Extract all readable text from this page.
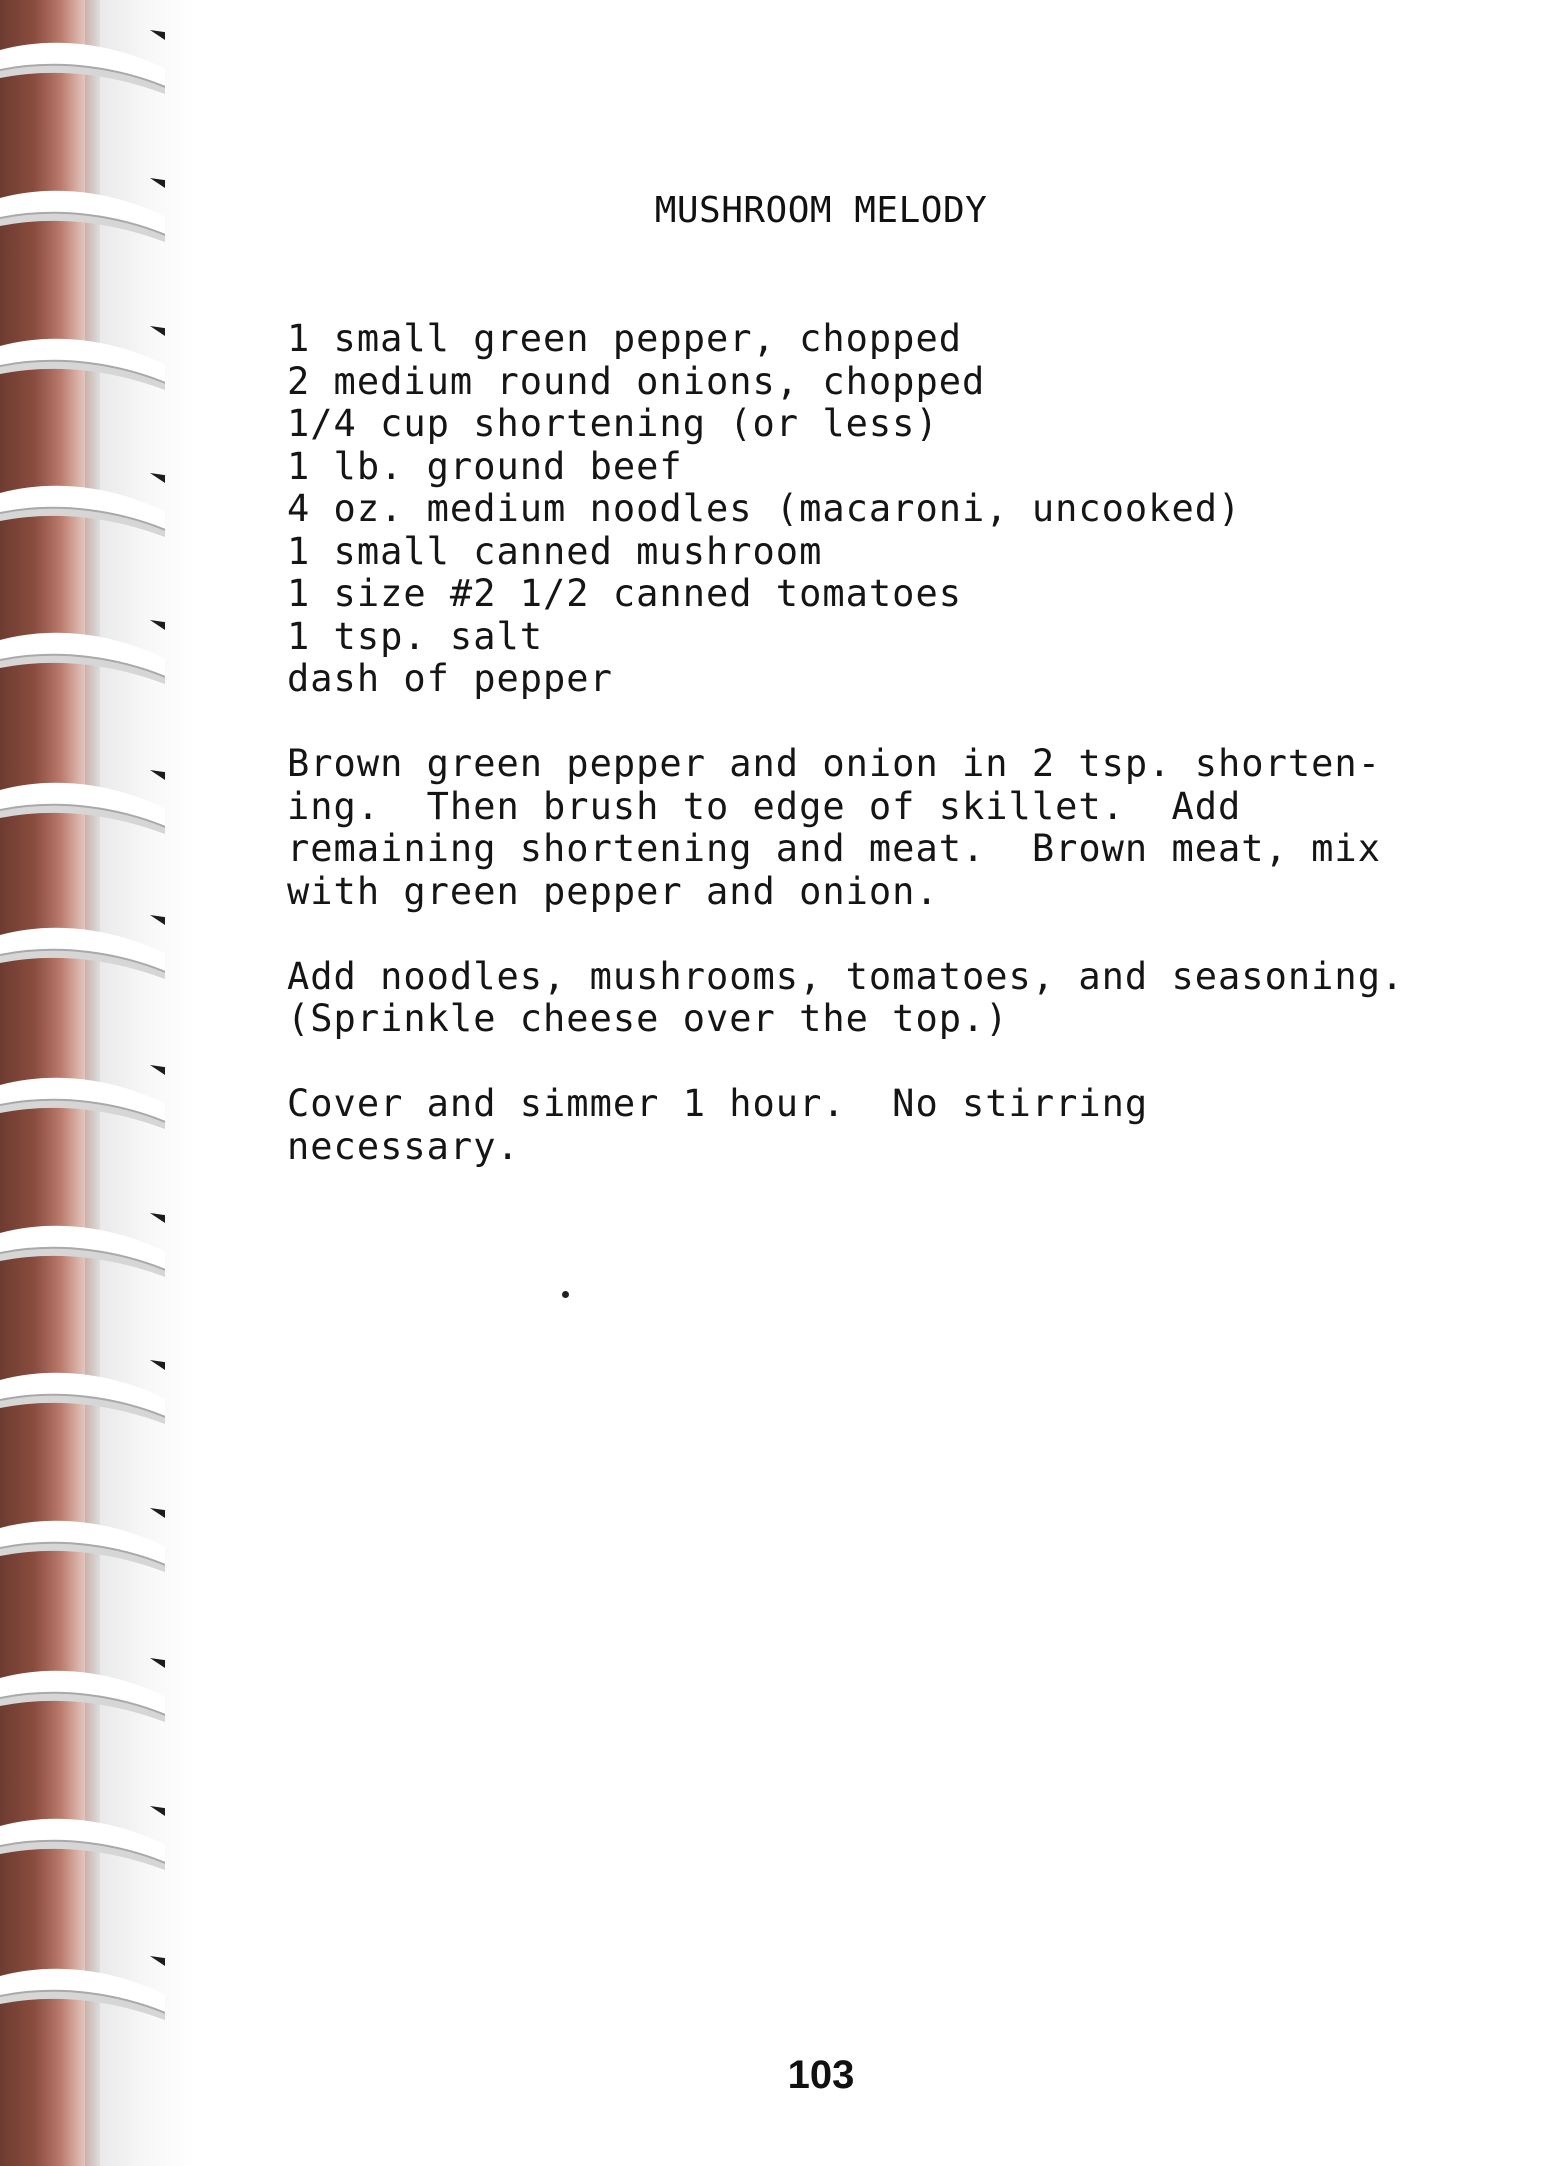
MUSHROOM MELODY
1 small green pepper, chopped
2 medium round onions, chopped
1/4 cup shortening (or less)
1 lb. ground beef
4 oz. medium noodles (macaroni, uncooked)
1 small canned mushroom
1 size #2 1/2 canned tomatoes
1 tsp. salt
dash of pepper
Brown green pepper and onion in 2 tsp. shorten-
ing.  Then brush to edge of skillet.  Add
remaining shortening and meat.  Brown meat, mix
with green pepper and onion.
Add noodles, mushrooms, tomatoes, and seasoning.
(Sprinkle cheese over the top.)
Cover and simmer 1 hour.  No stirring
necessary.
103
